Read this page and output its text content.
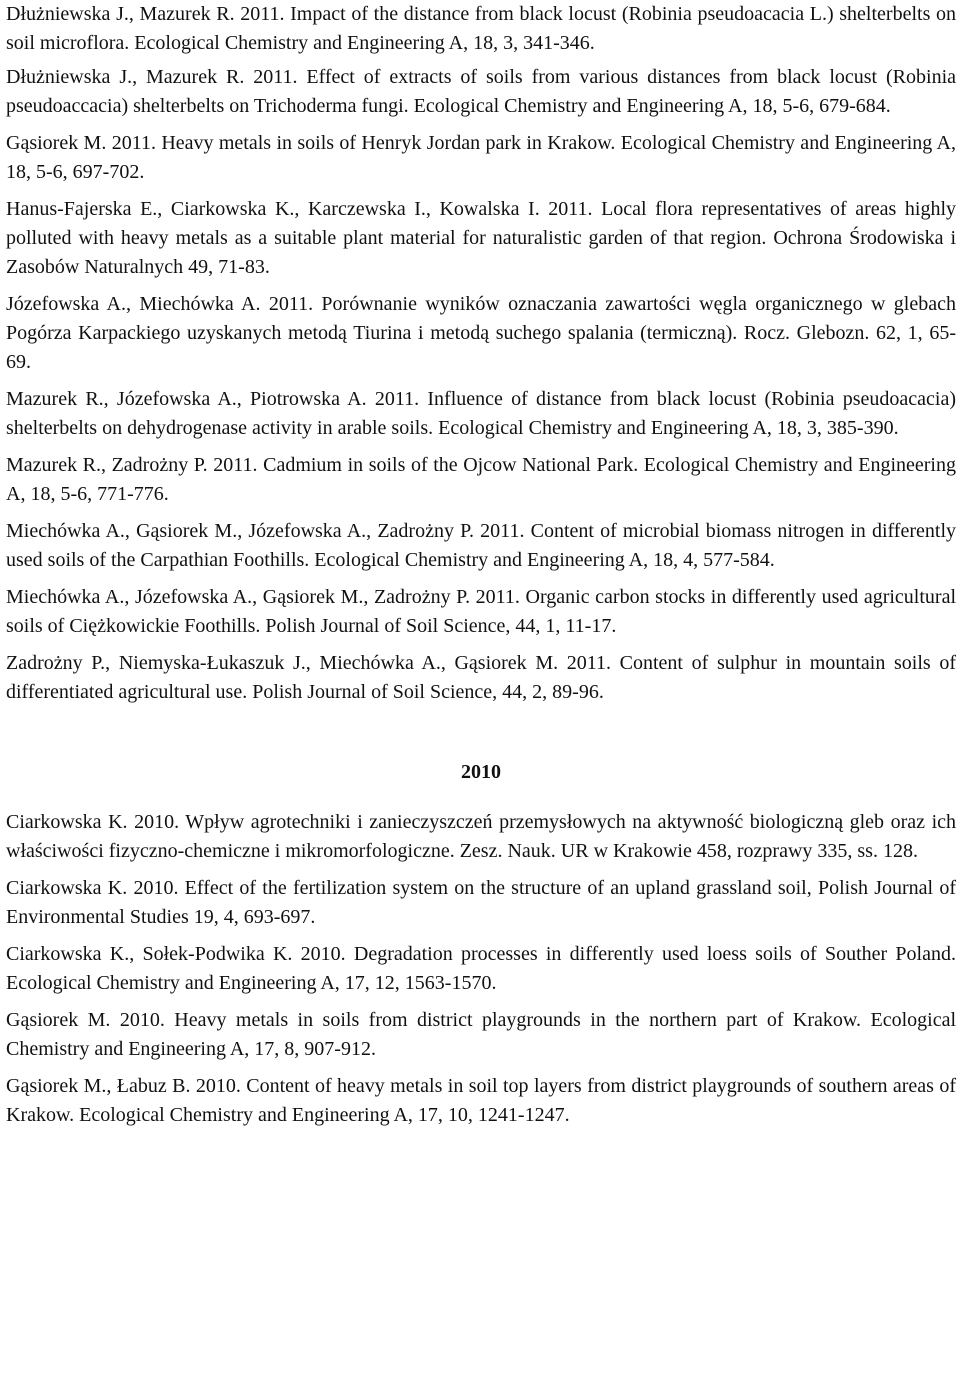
Dłużniewska J., Mazurek R. 2011. Impact of the distance from black locust (Robinia pseudoacacia L.) shelterbelts on soil microflora. Ecological Chemistry and Engineering A, 18, 3, 341-346.

Dłużniewska J., Mazurek R. 2011. Effect of extracts of soils from various distances from black locust (Robinia pseudoaccacia) shelterbelts on Trichoderma fungi. Ecological Chemistry and Engineering A, 18, 5-6, 679-684.

Gąsiorek M. 2011. Heavy metals in soils of Henryk Jordan park in Krakow. Ecological Chemistry and Engineering A, 18, 5-6, 697-702.

Hanus-Fajerska E., Ciarkowska K., Karczewska I., Kowalska I. 2011. Local flora representatives of areas highly polluted with heavy metals as a suitable plant material for naturalistic garden of that region. Ochrona Środowiska i Zasobów Naturalnych 49, 71-83.

Józefowska A., Miechówka A. 2011. Porównanie wyników oznaczania zawartości węgla organicznego w glebach Pogórza Karpackiego uzyskanych metodą Tiurina i metodą suchego spalania (termiczną). Rocz. Glebozn. 62, 1, 65-69.

Mazurek R., Józefowska A., Piotrowska A. 2011. Influence of distance from black locust (Robinia pseudoacacia) shelterbelts on dehydrogenase activity in arable soils. Ecological Chemistry and Engineering A, 18, 3, 385-390.

Mazurek R., Zadrożny P. 2011. Cadmium in soils of the Ojcow National Park. Ecological Chemistry and Engineering A, 18, 5-6, 771-776.

Miechówka A., Gąsiorek M., Józefowska A., Zadrożny P. 2011. Content of microbial biomass nitrogen in differently used soils of the Carpathian Foothills. Ecological Chemistry and Engineering A, 18, 4, 577-584.

Miechówka A., Józefowska A., Gąsiorek M., Zadrożny P. 2011. Organic carbon stocks in differently used agricultural soils of Ciężkowickie Foothills. Polish Journal of Soil Science, 44, 1, 11-17.

Zadrożny P., Niemyska-Łukaszuk J., Miechówka A., Gąsiorek M. 2011. Content of sulphur in mountain soils of differentiated agricultural use. Polish Journal of Soil Science, 44, 2, 89-96.

2010

Ciarkowska K. 2010. Wpływ agrotechniki i zanieczyszczeń przemysłowych na aktywność biologiczną gleb oraz ich właściwości fizyczno-chemiczne i mikromorfologiczne. Zesz. Nauk. UR w Krakowie 458, rozprawy 335, ss. 128.

Ciarkowska K. 2010. Effect of the fertilization system on the structure of an upland grassland soil, Polish Journal of Environmental Studies 19, 4, 693-697.

Ciarkowska K., Sołek-Podwika K. 2010. Degradation processes in differently used loess soils of Souther Poland. Ecological Chemistry and Engineering A, 17, 12, 1563-1570.

Gąsiorek M. 2010. Heavy metals in soils from district playgrounds in the northern part of Krakow. Ecological Chemistry and Engineering A, 17, 8, 907-912.

Gąsiorek M., Łabuz B. 2010. Content of heavy metals in soil top layers from district playgrounds of southern areas of Krakow. Ecological Chemistry and Engineering A, 17, 10, 1241-1247.
